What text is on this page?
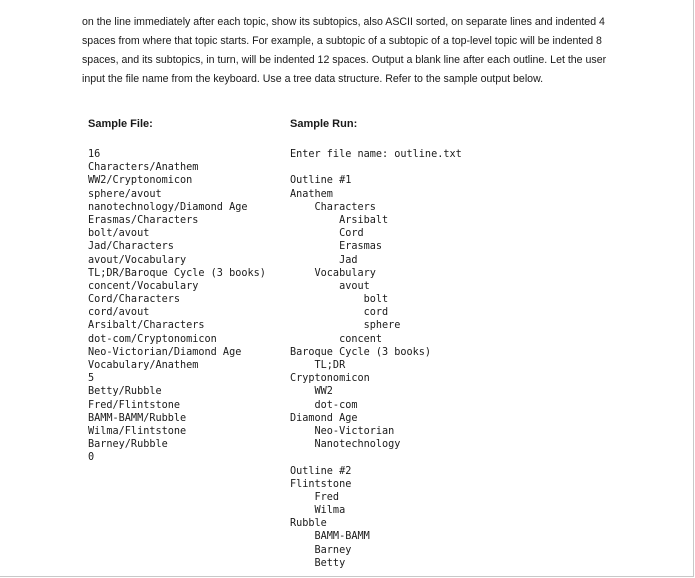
on the line immediately after each topic, show its subtopics, also ASCII sorted, on separate lines and indented 4 spaces from where that topic starts. For example, a subtopic of a subtopic of a top-level topic will be indented 8 spaces, and its subtopics, in turn, will be indented 12 spaces. Output a blank line after each outline. Let the user input the file name from the keyboard. Use a tree data structure. Refer to the sample output below.

Sample File:	Sample Run:
16
Characters/Anathem
WW2/Cryptonomicon
sphere/avout
nanotechnology/Diamond Age
Erasmas/Characters
bolt/avout
Jad/Characters
avout/Vocabulary
TL;DR/Baroque Cycle (3 books)
concent/Vocabulary
Cord/Characters
cord/avout
Arsibalt/Characters
dot-com/Cryptonomicon
Neo-Victorian/Diamond Age
Vocabulary/Anathem
5
Betty/Rubble
Fred/Flintstone
BAMM-BAMM/Rubble
Wilma/Flintstone
Barney/Rubble
0
Enter file name: outline.txt
Outline #1
Anathem
Characters
Arsibalt
Cord
Erasmas
Jad
Vocabulary
avout
bolt
cord
sphere
concent
Baroque Cycle (3 books)
TL;DR
Cryptonomicon
WW2
dot-com
Diamond Age
Neo-Victorian
Nanotechnology
Outline #2
Flintstone
Fred
Wilma
Rubble
BAMM-BAMM
Barney
Betty
